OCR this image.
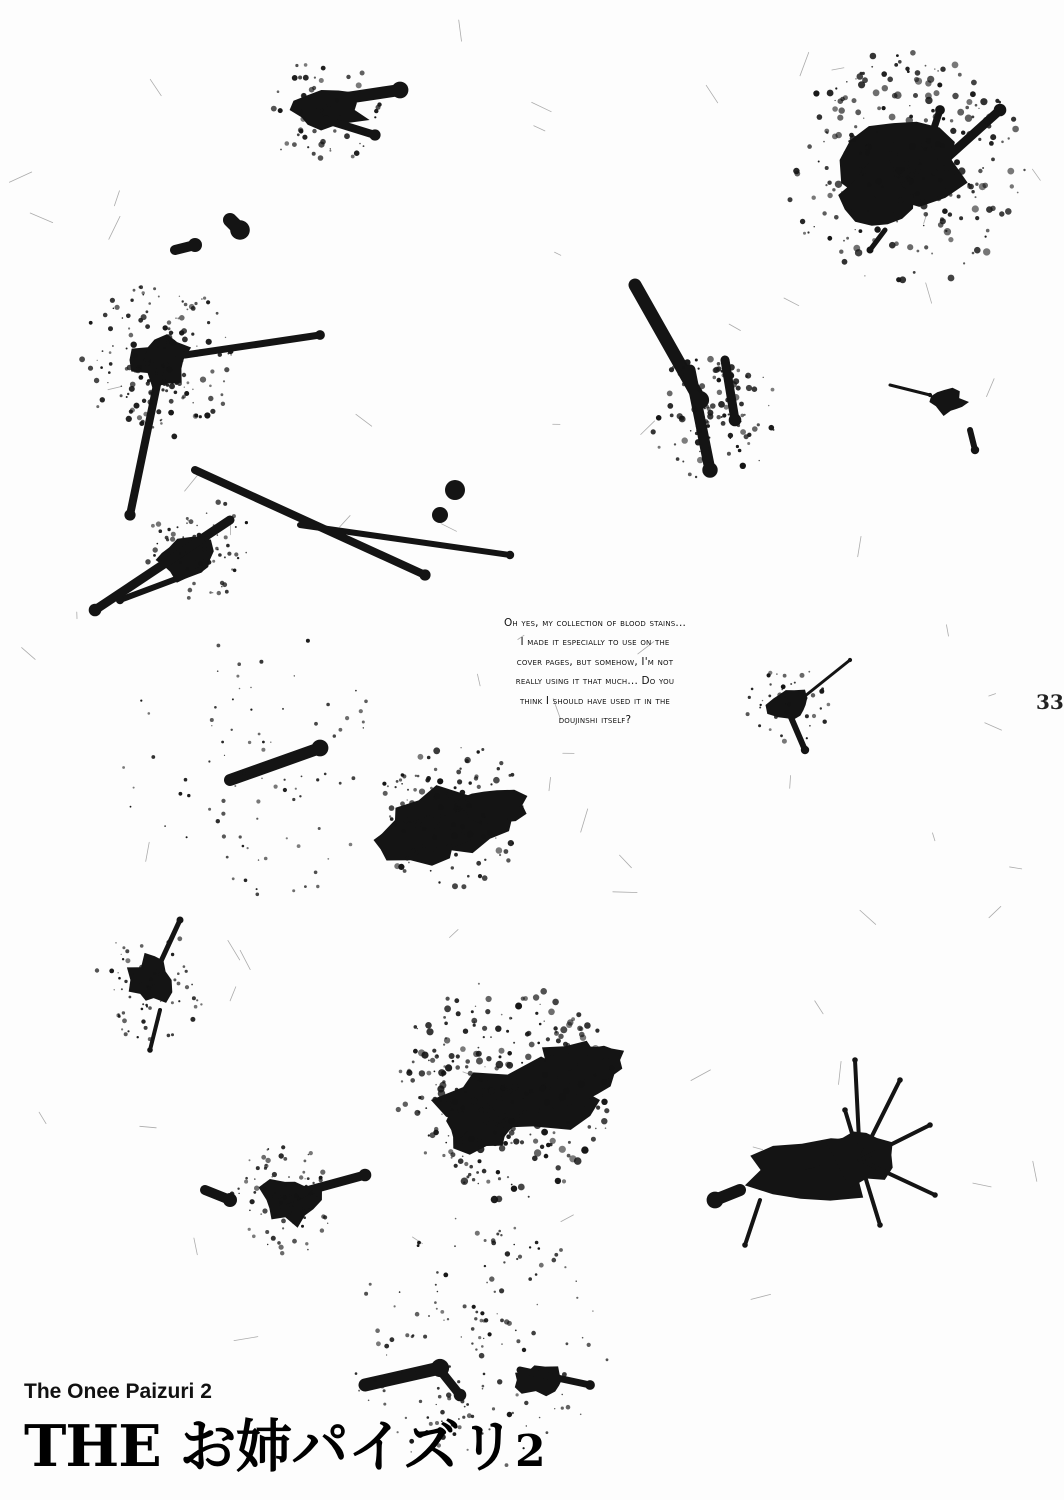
Oh yes, my collection of blood stains...
I made it especially to use on the
cover pages, but somehow, I'm not
really using it that much... Do you
think I should have used it in the
doujinshi itself?
33
The Onee Paizuri 2
THE お姉パイズリ2
